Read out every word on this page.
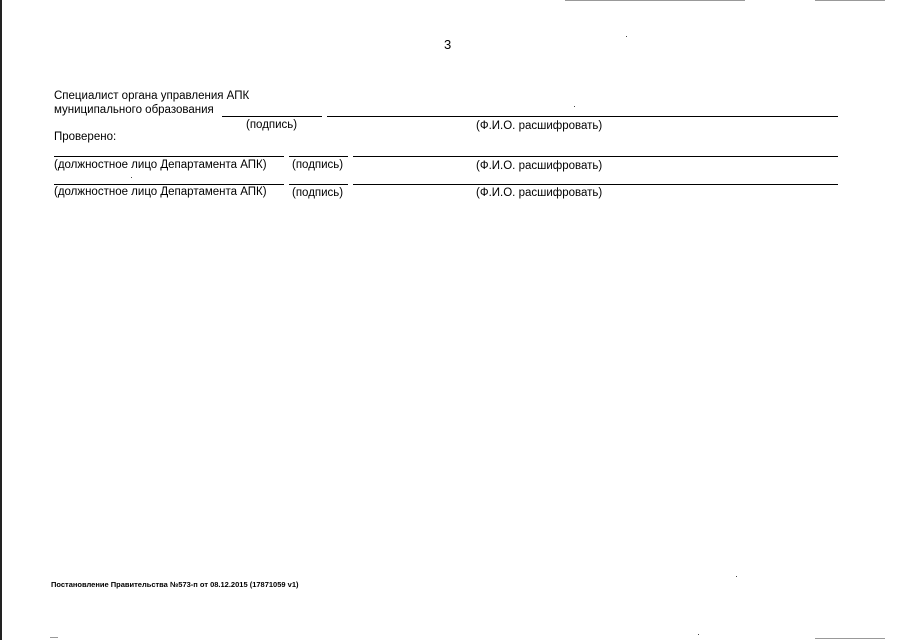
3
Специалист органа управления АПК
муниципального образования
(подпись)	(Ф.И.О. расшифровать)
Проверено:
(должностное лицо Департамента АПК) (подпись)	(Ф.И.О. расшифровать)
(должностное лицо Департамента АПК) (подпись)	(Ф.И.О. расшифровать)
Постановление Правительства №573-п от 08.12.2015 (17871059 v1)
